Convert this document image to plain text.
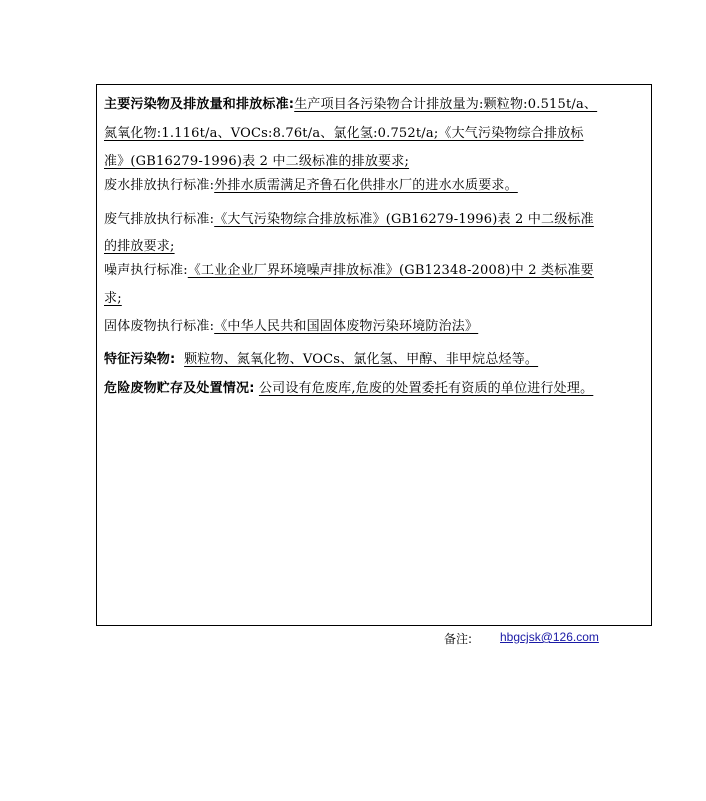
主要污染物及排放量和排放标准:生产项目各污染物合计排放量为:颗粒物:0.515t/a、
氮氧化物:1.116t/a、VOCs:8.76t/a、氯化氢:0.752t/a;《大气污染物综合排放标
准》(GB16279-1996)表 2 中二级标准的排放要求;
废水排放执行标准:外排水质需满足齐鲁石化供排水厂的进水水质要求。
废气排放执行标准:《大气污染物综合排放标准》(GB16279-1996)表 2 中二级标准
的排放要求;
噪声执行标准:《工业企业厂界环境噪声排放标准》(GB12348-2008)中 2 类标准要
求;
固体废物执行标准:《中华人民共和国固体废物污染环境防治法》
特征污染物: 颗粒物、氮氧化物、VOCs、氯化氢、甲醇、非甲烷总烃等。
危险废物贮存及处置情况: 公司设有危废库,危废的处置委托有资质的单位进行处理。
备注: hbgcjsk@126.com
